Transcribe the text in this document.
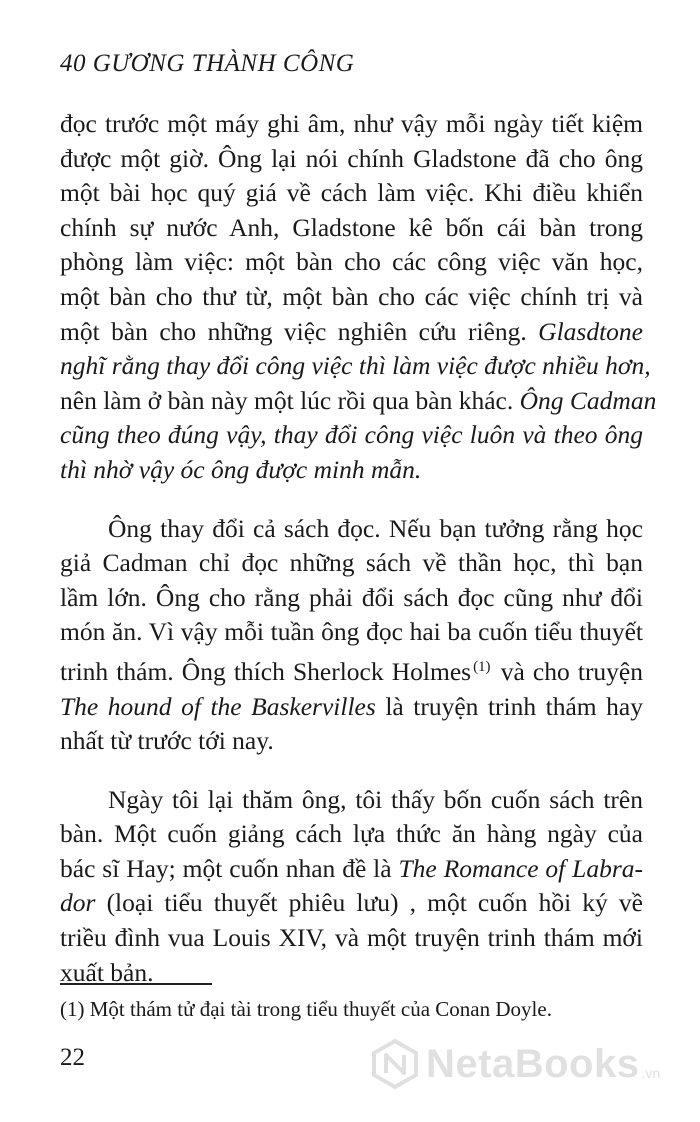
40 GƯƠNG THÀNH CÔNG
đọc trước một máy ghi âm, như vậy mỗi ngày tiết kiệm
được một giờ. Ông lại nói chính Gladstone đã cho ông
một bài học quý giá về cách làm việc. Khi điều khiển
chính sự nước Anh, Gladstone kê bốn cái bàn trong
phòng làm việc: một bàn cho các công việc văn học,
một bàn cho thư từ, một bàn cho các việc chính trị và
một bàn cho những việc nghiên cứu riêng. Glasdtone
nghĩ rằng thay đổi công việc thì làm việc được nhiều hơn,
nên làm ở bàn này một lúc rồi qua bàn khác. Ông Cadman
cũng theo đúng vậy, thay đổi công việc luôn và theo ông
thì nhờ vậy óc ông được minh mẫn.
Ông thay đổi cả sách đọc. Nếu bạn tưởng rằng học
giả Cadman chỉ đọc những sách về thần học, thì bạn
lầm lớn. Ông cho rằng phải đổi sách đọc cũng như đổi
món ăn. Vì vậy mỗi tuần ông đọc hai ba cuốn tiểu thuyết
trinh thám. Ông thích Sherlock Holmes $^{(1)}$ và cho truyện
The hound of the Baskervilles là truyện trinh thám hay
nhất từ trước tới nay.
Ngày tôi lại thăm ông, tôi thấy bốn cuốn sách trên
bàn. Một cuốn giảng cách lựa thức ăn hàng ngày của
bác sĩ Hay; một cuốn nhan đề là The Romance of Labra-
dor (loại tiểu thuyết phiêu lưu) , một cuốn hồi ký về
triều đình vua Louis XIV, và một truyện trinh thám mới
xuất bản.
(1) Một thám tử đại tài trong tiểu thuyết của Conan Doyle.
22	NetaBooks .vn
